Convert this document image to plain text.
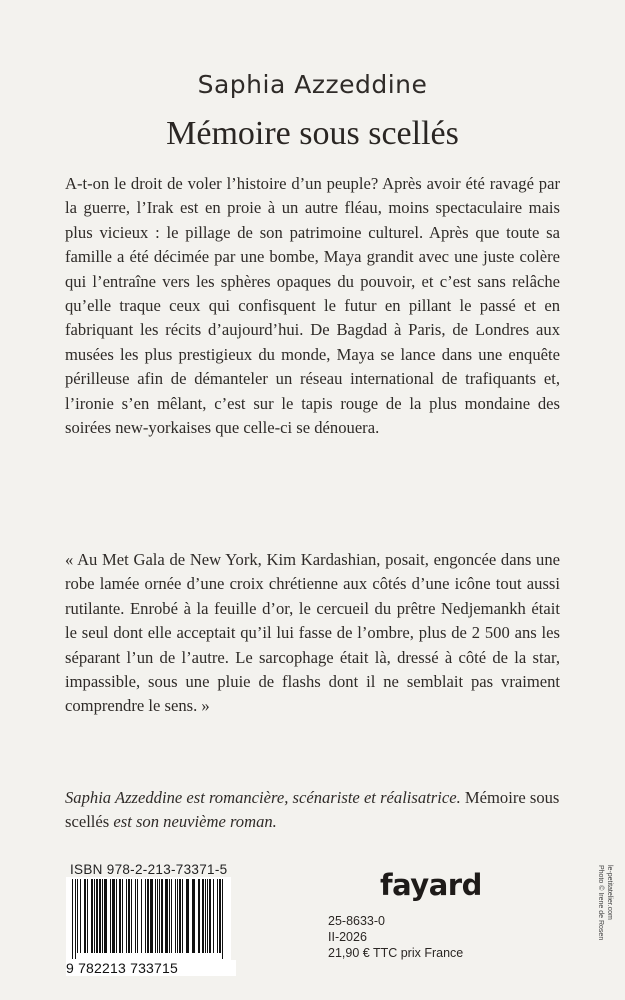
Saphia Azzeddine
Mémoire sous scellés

A-t-on le droit de voler l’histoire d’un peuple? Après avoir été ravagé par la guerre, l’Irak est en proie à un autre fléau, moins spectaculaire mais plus vicieux : le pillage de son patrimoine culturel. Après que toute sa famille a été décimée par une bombe, Maya grandit avec une juste colère qui l’entraîne vers les sphères opaques du pouvoir, et c’est sans relâche qu’elle traque ceux qui confisquent le futur en pillant le passé et en fabriquant les récits d’aujourd’hui. De Bagdad à Paris, de Londres aux musées les plus prestigieux du monde, Maya se lance dans une enquête périlleuse afin de démanteler un réseau international de trafiquants et, l’ironie s’en mêlant, c’est sur le tapis rouge de la plus mondaine des soirées new-yorkaises que celle-ci se dénouera.

« Au Met Gala de New York, Kim Kardashian, posait, engoncée dans une robe lamée ornée d’une croix chrétienne aux côtés d’une icône tout aussi rutilante. Enrobé à la feuille d’or, le cercueil du prêtre Nedjemankh était le seul dont elle acceptait qu’il lui fasse de l’ombre, plus de 2 500 ans les séparant l’un de l’autre. Le sarcophage était là, dressé à côté de la star, impassible, sous une pluie de flashs dont il ne semblait pas vraiment comprendre le sens. »

Saphia Azzeddine est romancière, scénariste et réalisatrice. Mémoire sous scellés est son neuvième roman.

ISBN 978-2-213-73371-5
9 782213 733715
fayard
25-8633-0
II-2026
21,90 € TTC prix France
le-petitatelier.com
Photo © Irene de Rosen
